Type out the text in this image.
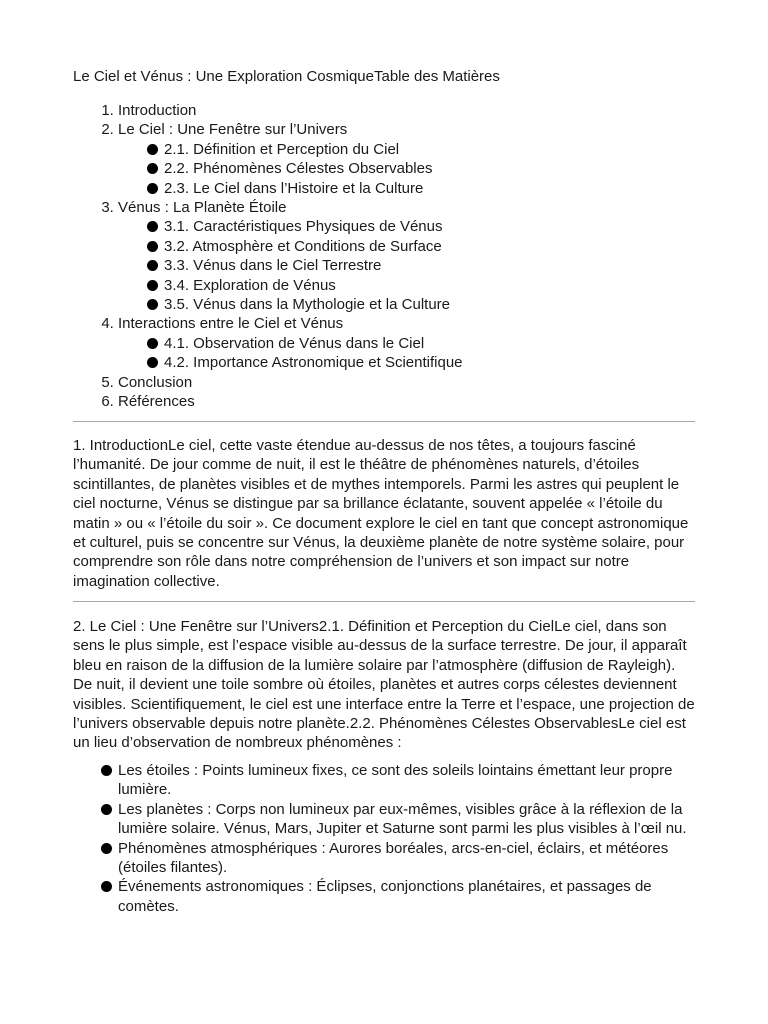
Le Ciel et Vénus : Une Exploration CosmiqueTable des Matières

1. Introduction
2. Le Ciel : Une Fenêtre sur l’Univers
2.1. Définition et Perception du Ciel
2.2. Phénomènes Célestes Observables
2.3. Le Ciel dans l’Histoire et la Culture
3. Vénus : La Planète Étoile
3.1. Caractéristiques Physiques de Vénus
3.2. Atmosphère et Conditions de Surface
3.3. Vénus dans le Ciel Terrestre
3.4. Exploration de Vénus
3.5. Vénus dans la Mythologie et la Culture
4. Interactions entre le Ciel et Vénus
4.1. Observation de Vénus dans le Ciel
4.2. Importance Astronomique et Scientifique
5. Conclusion
6. Références

1. IntroductionLe ciel, cette vaste étendue au-dessus de nos têtes, a toujours fasciné l’humanité. De jour comme de nuit, il est le théâtre de phénomènes naturels, d’étoiles scintillantes, de planètes visibles et de mythes intemporels. Parmi les astres qui peuplent le ciel nocturne, Vénus se distingue par sa brillance éclatante, souvent appelée « l’étoile du matin » ou « l’étoile du soir ». Ce document explore le ciel en tant que concept astronomique et culturel, puis se concentre sur Vénus, la deuxième planète de notre système solaire, pour comprendre son rôle dans notre compréhension de l’univers et son impact sur notre imagination collective.

2. Le Ciel : Une Fenêtre sur l’Univers2.1. Définition et Perception du CielLe ciel, dans son sens le plus simple, est l’espace visible au-dessus de la surface terrestre. De jour, il apparaît bleu en raison de la diffusion de la lumière solaire par l’atmosphère (diffusion de Rayleigh). De nuit, il devient une toile sombre où étoiles, planètes et autres corps célestes deviennent visibles. Scientifiquement, le ciel est une interface entre la Terre et l’espace, une projection de l’univers observable depuis notre planète.2.2. Phénomènes Célestes ObservablesLe ciel est un lieu d’observation de nombreux phénomènes :

Les étoiles : Points lumineux fixes, ce sont des soleils lointains émettant leur propre lumière.
Les planètes : Corps non lumineux par eux-mêmes, visibles grâce à la réflexion de la lumière solaire. Vénus, Mars, Jupiter et Saturne sont parmi les plus visibles à l’œil nu.
Phénomènes atmosphériques : Aurores boréales, arcs-en-ciel, éclairs, et météores (étoiles filantes).
Événements astronomiques : Éclipses, conjonctions planétaires, et passages de comètes.
